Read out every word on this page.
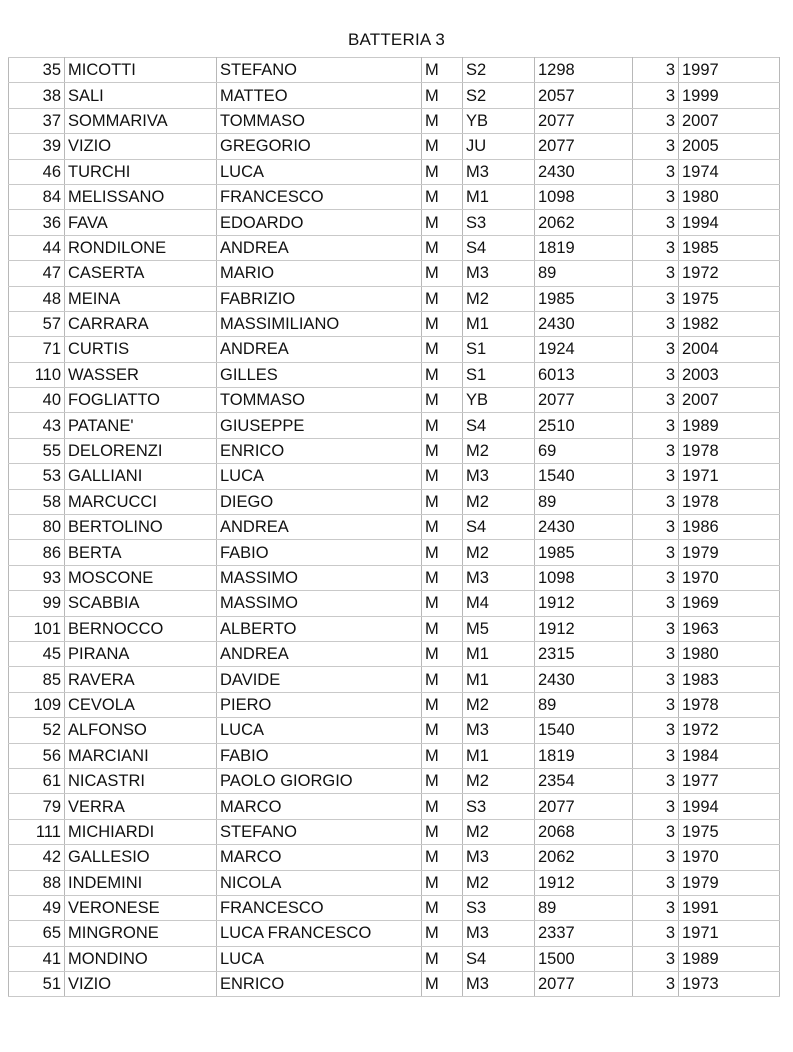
BATTERIA 3
35	MICOTTI	STEFANO	M	S2	1298	3	1997
38	SALI	MATTEO	M	S2	2057	3	1999
37	SOMMARIVA	TOMMASO	M	YB	2077	3	2007
39	VIZIO	GREGORIO	M	JU	2077	3	2005
46	TURCHI	LUCA	M	M3	2430	3	1974
84	MELISSANO	FRANCESCO	M	M1	1098	3	1980
36	FAVA	EDOARDO	M	S3	2062	3	1994
44	RONDILONE	ANDREA	M	S4	1819	3	1985
47	CASERTA	MARIO	M	M3	89	3	1972
48	MEINA	FABRIZIO	M	M2	1985	3	1975
57	CARRARA	MASSIMILIANO	M	M1	2430	3	1982
71	CURTIS	ANDREA	M	S1	1924	3	2004
110	WASSER	GILLES	M	S1	6013	3	2003
40	FOGLIATTO	TOMMASO	M	YB	2077	3	2007
43	PATANE'	GIUSEPPE	M	S4	2510	3	1989
55	DELORENZI	ENRICO	M	M2	69	3	1978
53	GALLIANI	LUCA	M	M3	1540	3	1971
58	MARCUCCI	DIEGO	M	M2	89	3	1978
80	BERTOLINO	ANDREA	M	S4	2430	3	1986
86	BERTA	FABIO	M	M2	1985	3	1979
93	MOSCONE	MASSIMO	M	M3	1098	3	1970
99	SCABBIA	MASSIMO	M	M4	1912	3	1969
101	BERNOCCO	ALBERTO	M	M5	1912	3	1963
45	PIRANA	ANDREA	M	M1	2315	3	1980
85	RAVERA	DAVIDE	M	M1	2430	3	1983
109	CEVOLA	PIERO	M	M2	89	3	1978
52	ALFONSO	LUCA	M	M3	1540	3	1972
56	MARCIANI	FABIO	M	M1	1819	3	1984
61	NICASTRI	PAOLO GIORGIO	M	M2	2354	3	1977
79	VERRA	MARCO	M	S3	2077	3	1994
111	MICHIARDI	STEFANO	M	M2	2068	3	1975
42	GALLESIO	MARCO	M	M3	2062	3	1970
88	INDEMINI	NICOLA	M	M2	1912	3	1979
49	VERONESE	FRANCESCO	M	S3	89	3	1991
65	MINGRONE	LUCA FRANCESCO	M	M3	2337	3	1971
41	MONDINO	LUCA	M	S4	1500	3	1989
51	VIZIO	ENRICO	M	M3	2077	3	1973
